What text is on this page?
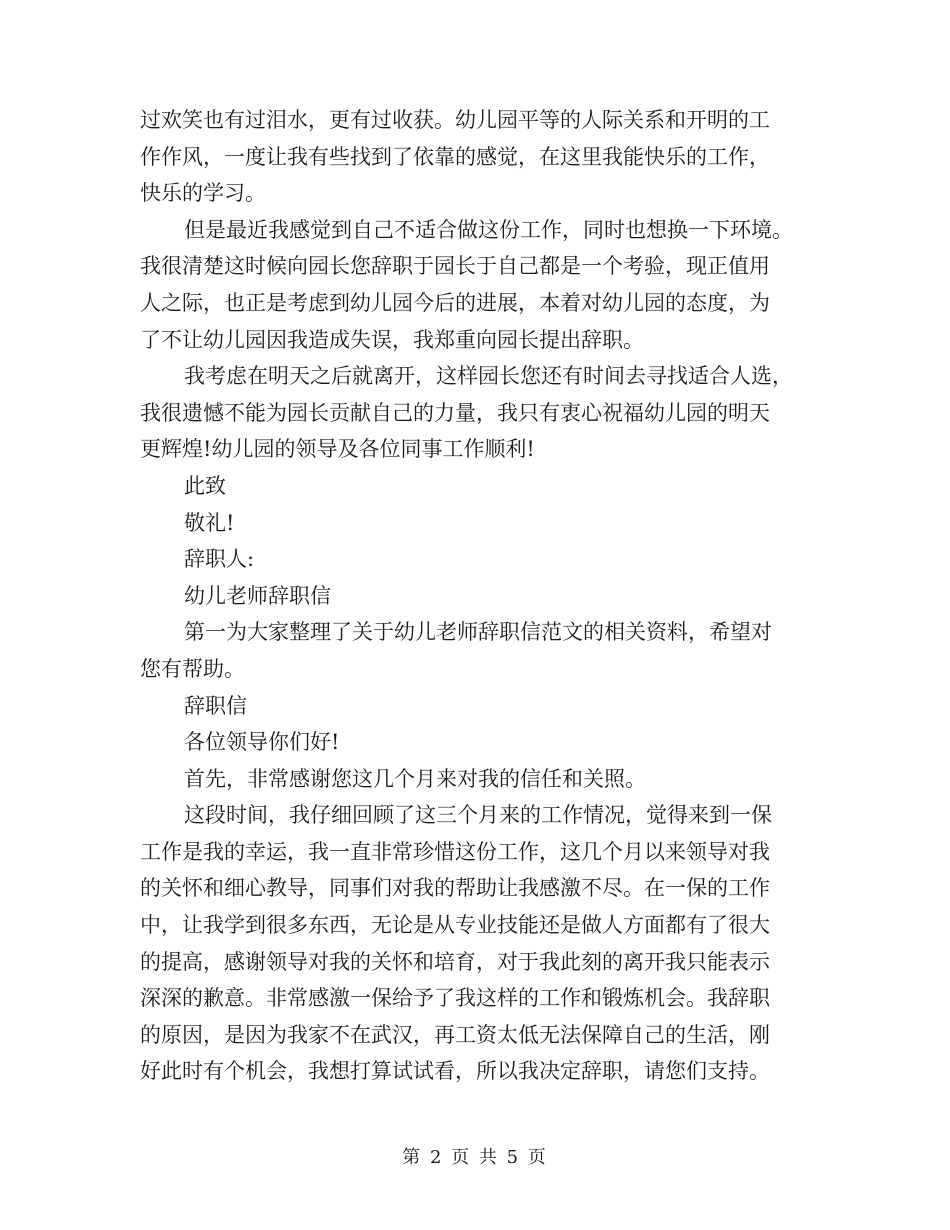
过欢笑也有过泪水，更有过收获。幼儿园平等的人际关系和开明的工
作作风，一度让我有些找到了依靠的感觉，在这里我能快乐的工作，
快乐的学习。
但是最近我感觉到自己不适合做这份工作，同时也想换一下环境。
我很清楚这时候向园长您辞职于园长于自己都是一个考验，现正值用
人之际，也正是考虑到幼儿园今后的进展，本着对幼儿园的态度，为
了不让幼儿园因我造成失误，我郑重向园长提出辞职。
我考虑在明天之后就离开，这样园长您还有时间去寻找适合人选，
我很遗憾不能为园长贡献自己的力量，我只有衷心祝福幼儿园的明天
更辉煌!幼儿园的领导及各位同事工作顺利!
此致
敬礼!
辞职人:
幼儿老师辞职信
第一为大家整理了关于幼儿老师辞职信范文的相关资料，希望对
您有帮助。
辞职信
各位领导你们好!
首先，非常感谢您这几个月来对我的信任和关照。
这段时间，我仔细回顾了这三个月来的工作情况，觉得来到一保
工作是我的幸运，我一直非常珍惜这份工作，这几个月以来领导对我
的关怀和细心教导，同事们对我的帮助让我感激不尽。在一保的工作
中，让我学到很多东西，无论是从专业技能还是做人方面都有了很大
的提高，感谢领导对我的关怀和培育，对于我此刻的离开我只能表示
深深的歉意。非常感激一保给予了我这样的工作和锻炼机会。我辞职
的原因，是因为我家不在武汉，再工资太低无法保障自己的生活，刚
好此时有个机会，我想打算试试看，所以我决定辞职，请您们支持。
第 2 页 共 5 页
